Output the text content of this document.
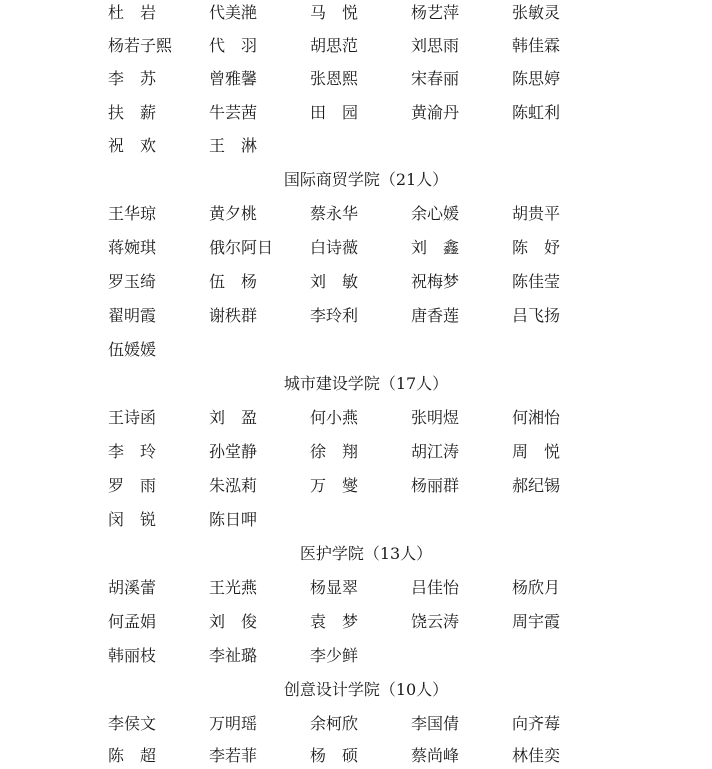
杜　岩	代美滟	马　悦	杨艺萍	张敏灵
杨若子熙	代　羽	胡思范	刘思雨	韩佳霖
李　苏	曾雅馨	张恩熙	宋春丽	陈思婷
扶　薪	牛芸茜	田　园	黄渝丹	陈虹利
祝　欢	王　淋
国际商贸学院（21人）
王华琼	黄夕桃	蔡永华	余心媛	胡贵平
蒋婉琪	俄尔阿日	白诗薇	刘　鑫	陈　妤
罗玉绮	伍　杨	刘　敏	祝梅梦	陈佳莹
翟明霞	谢秩群	李玲利	唐香莲	吕飞扬
伍媛媛
城市建设学院（17人）
王诗函	刘　盈	何小燕	张明煜	何湘怡
李　玲	孙堂静	徐　翔	胡江涛	周　悦
罗　雨	朱泓莉	万　燮	杨丽群	郝纪锡
闵　锐	陈日呷
医护学院（13人）
胡溪蕾	王光燕	杨显翠	吕佳怡	杨欣月
何孟娟	刘　俊	袁　梦	饶云涛	周宇霞
韩丽枝	李祉璐	李少鲜
创意设计学院（10人）
李侯文	万明瑶	余柯欣	李国倩	向齐莓
陈　超	李若菲	杨　硕	蔡尚峰	林佳奕
